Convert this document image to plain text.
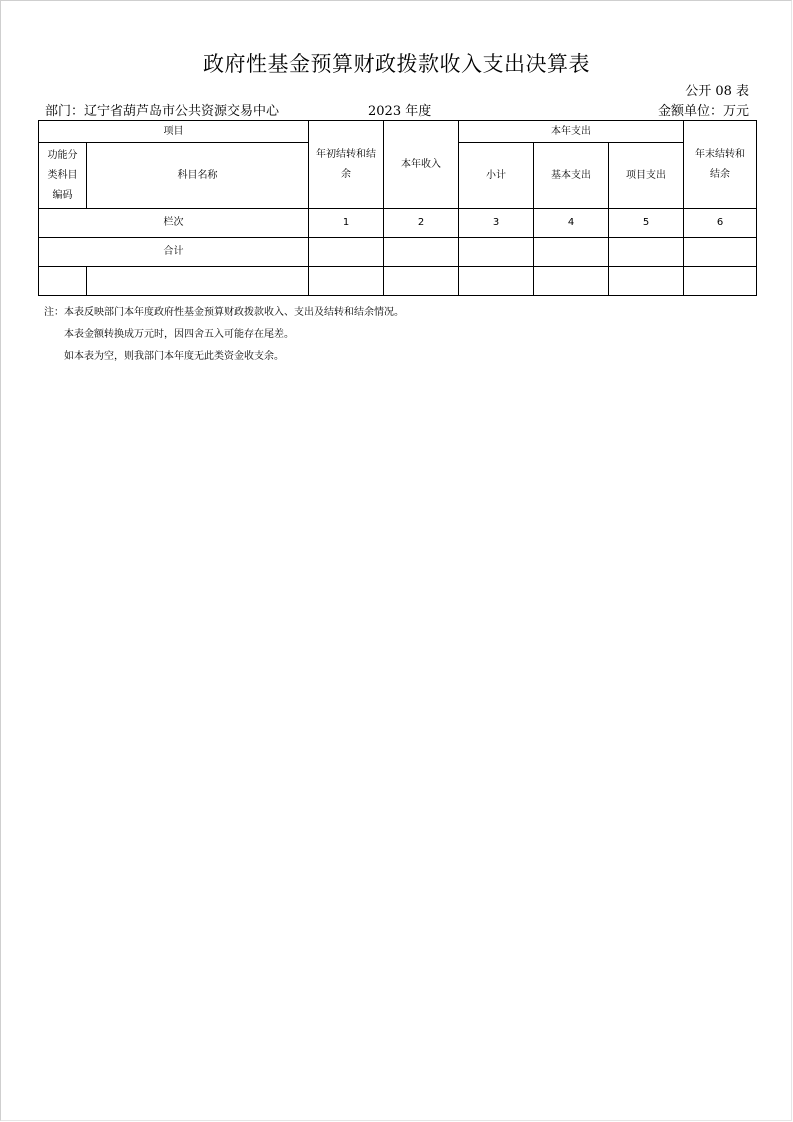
政府性基金预算财政拨款收入支出决算表
公开 08 表
部门：辽宁省葫芦岛市公共资源交易中心	2023 年度	金额单位：万元
项目		年初结转和结余	本年收入	本年支出			年末结转和结余

功能分类科目编码	科目名称			小计	基本支出	项目支出	
栏次		1	2	3	4	5	6
合计							

注：本表反映部门本年度政府性基金预算财政拨款收入、支出及结转和结余情况。
本表金额转换成万元时，因四舍五入可能存在尾差。
如本表为空，则我部门本年度无此类资金收支余。
